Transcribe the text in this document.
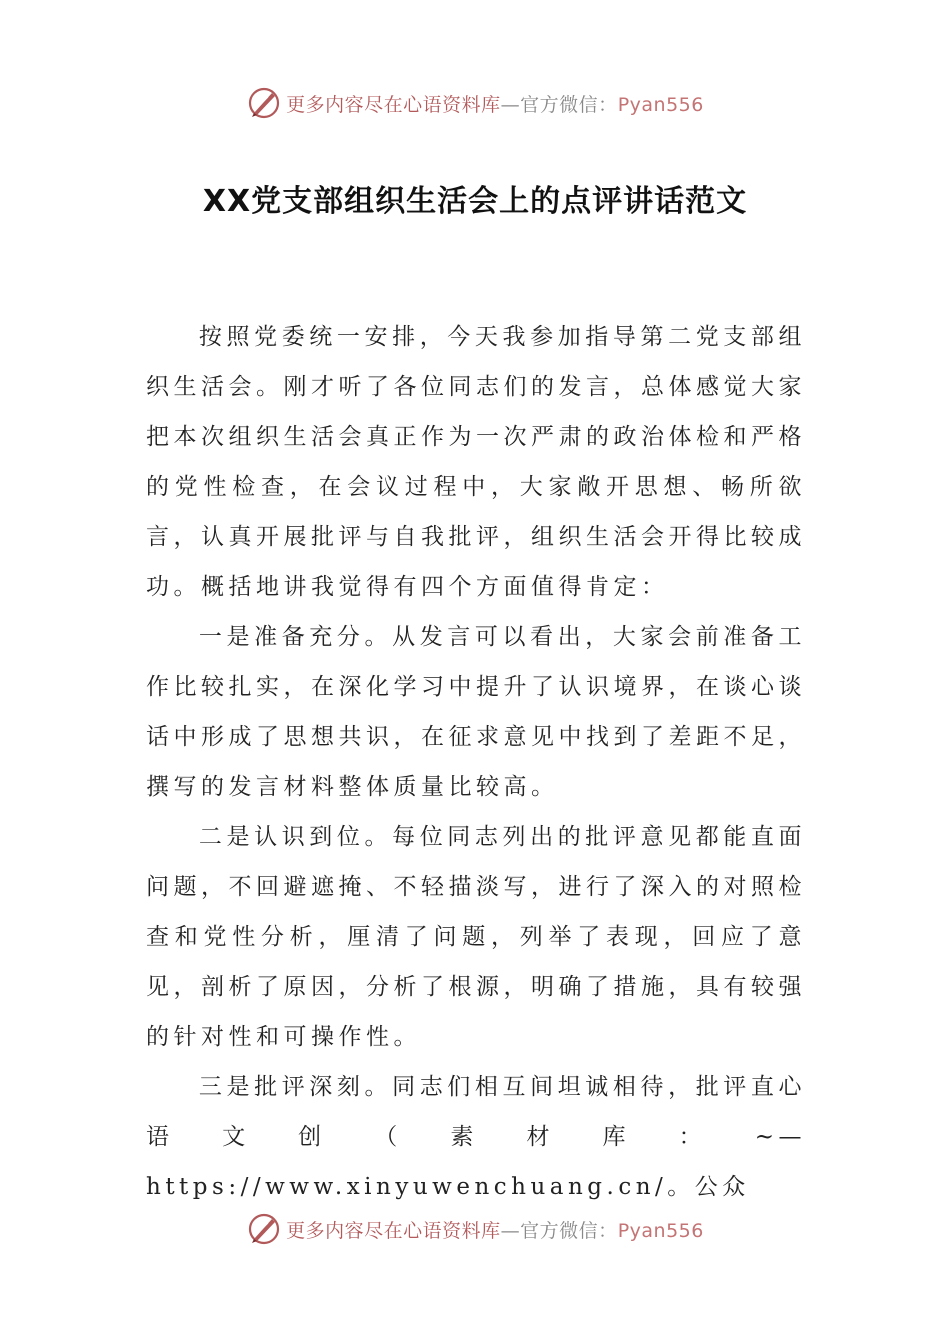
更多内容尽在心语资料库—官方微信：Pyan556
XX党支部组织生活会上的点评讲话范文

按照党委统一安排，今天我参加指导第二党支部组织生活会。刚才听了各位同志们的发言，总体感觉大家把本次组织生活会真正作为一次严肃的政治体检和严格的党性检查，在会议过程中，大家敞开思想、畅所欲言，认真开展批评与自我批评，组织生活会开得比较成功。概括地讲我觉得有四个方面值得肯定：

一是准备充分。从发言可以看出，大家会前准备工作比较扎实，在深化学习中提升了认识境界，在谈心谈话中形成了思想共识，在征求意见中找到了差距不足，撰写的发言材料整体质量比较高。

二是认识到位。每位同志列出的批评意见都能直面问题，不回避遮掩、不轻描淡写，进行了深入的对照检查和党性分析，厘清了问题，列举了表现，回应了意见，剖析了原因，分析了根源，明确了措施，具有较强的针对性和可操作性。

三是批评深刻。同志们相互间坦诚相待，批评直心语文创（素材库：~—https://www.xinyuwenchuang.cn/。公众

更多内容尽在心语资料库—官方微信：Pyan556
